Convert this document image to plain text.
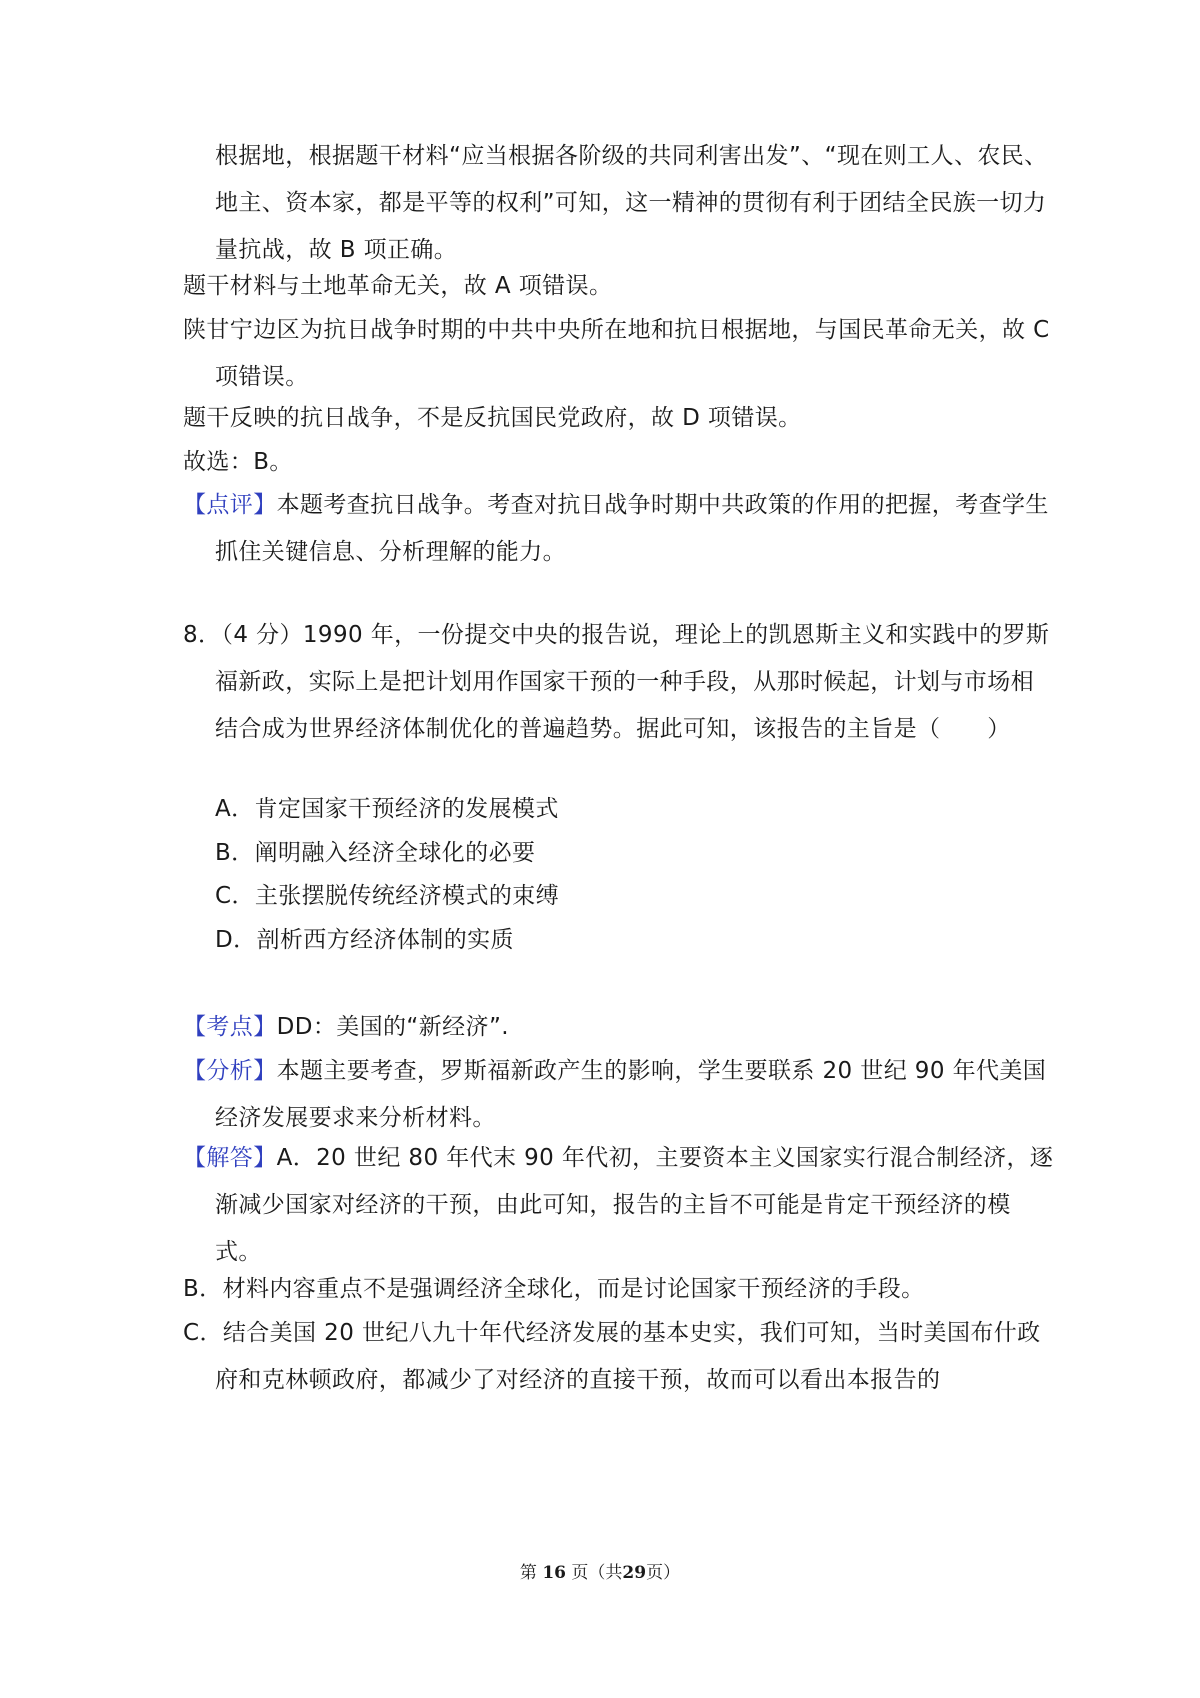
根据地，根据题干材料“应当根据各阶级的共同利害出发”、“现在则工人、农民、地主、资本家，都是平等的权利”可知，这一精神的贯彻有利于团结全民族一切力量抗战，故 B 项正确。

题干材料与土地革命无关，故 A 项错误。

陕甘宁边区为抗日战争时期的中共中央所在地和抗日根据地，与国民革命无关，故 C 项错误。

题干反映的抗日战争，不是反抗国民党政府，故 D 项错误。

故选：B。

【点评】本题考查抗日战争。考查对抗日战争时期中共政策的作用的把握，考查学生抓住关键信息、分析理解的能力。

8．（4 分）1990 年，一份提交中央的报告说，理论上的凯恩斯主义和实践中的罗斯福新政，实际上是把计划用作国家干预的一种手段，从那时候起，计划与市场相结合成为世界经济体制优化的普遍趋势。据此可知，该报告的主旨是（　　）

A．肯定国家干预经济的发展模式

B．阐明融入经济全球化的必要

C．主张摆脱传统经济模式的束缚

D．剖析西方经济体制的实质

【考点】DD：美国的“新经济”.

【分析】本题主要考查，罗斯福新政产生的影响，学生要联系 20 世纪 90 年代美国经济发展要求来分析材料。

【解答】A．20 世纪 80 年代末 90 年代初，主要资本主义国家实行混合制经济，逐渐减少国家对经济的干预，由此可知，报告的主旨不可能是肯定干预经济的模式。

B．材料内容重点不是强调经济全球化，而是讨论国家干预经济的手段。

C．结合美国 20 世纪八九十年代经济发展的基本史实，我们可知，当时美国布什政府和克林顿政府，都减少了对经济的直接干预，故而可以看出本报告的

第 16 页（共29页）
